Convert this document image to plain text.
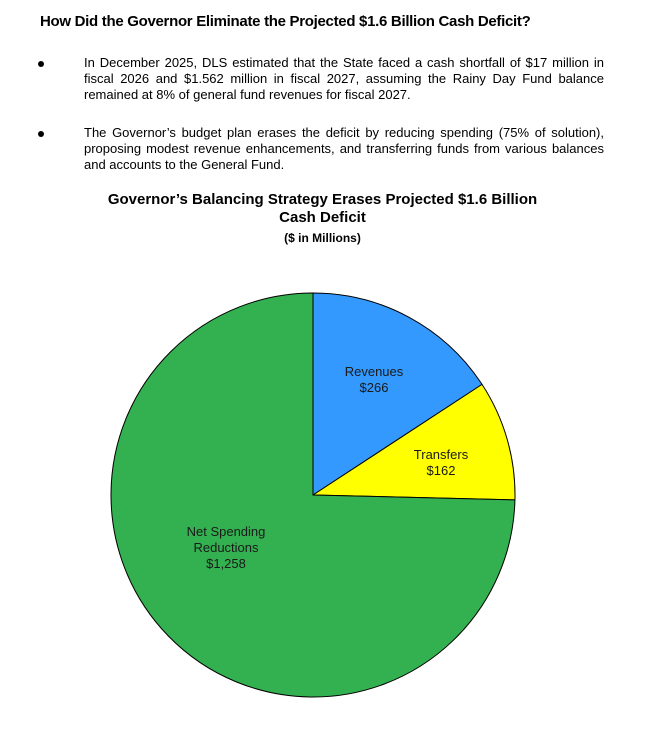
How Did the Governor Eliminate the Projected $1.6 Billion Cash Deficit?
In December 2025, DLS estimated that the State faced a cash shortfall of $17 million in fiscal 2026 and $1.562 million in fiscal 2027, assuming the Rainy Day Fund balance remained at 8% of general fund revenues for fiscal 2027.
The Governor’s budget plan erases the deficit by reducing spending (75% of solution), proposing modest revenue enhancements, and transferring funds from various balances and accounts to the General Fund.
Governor’s Balancing Strategy Erases Projected $1.6 Billion
Cash Deficit
($ in Millions)
Revenues $266
Transfers $162
Net Spending Reductions $1,258
